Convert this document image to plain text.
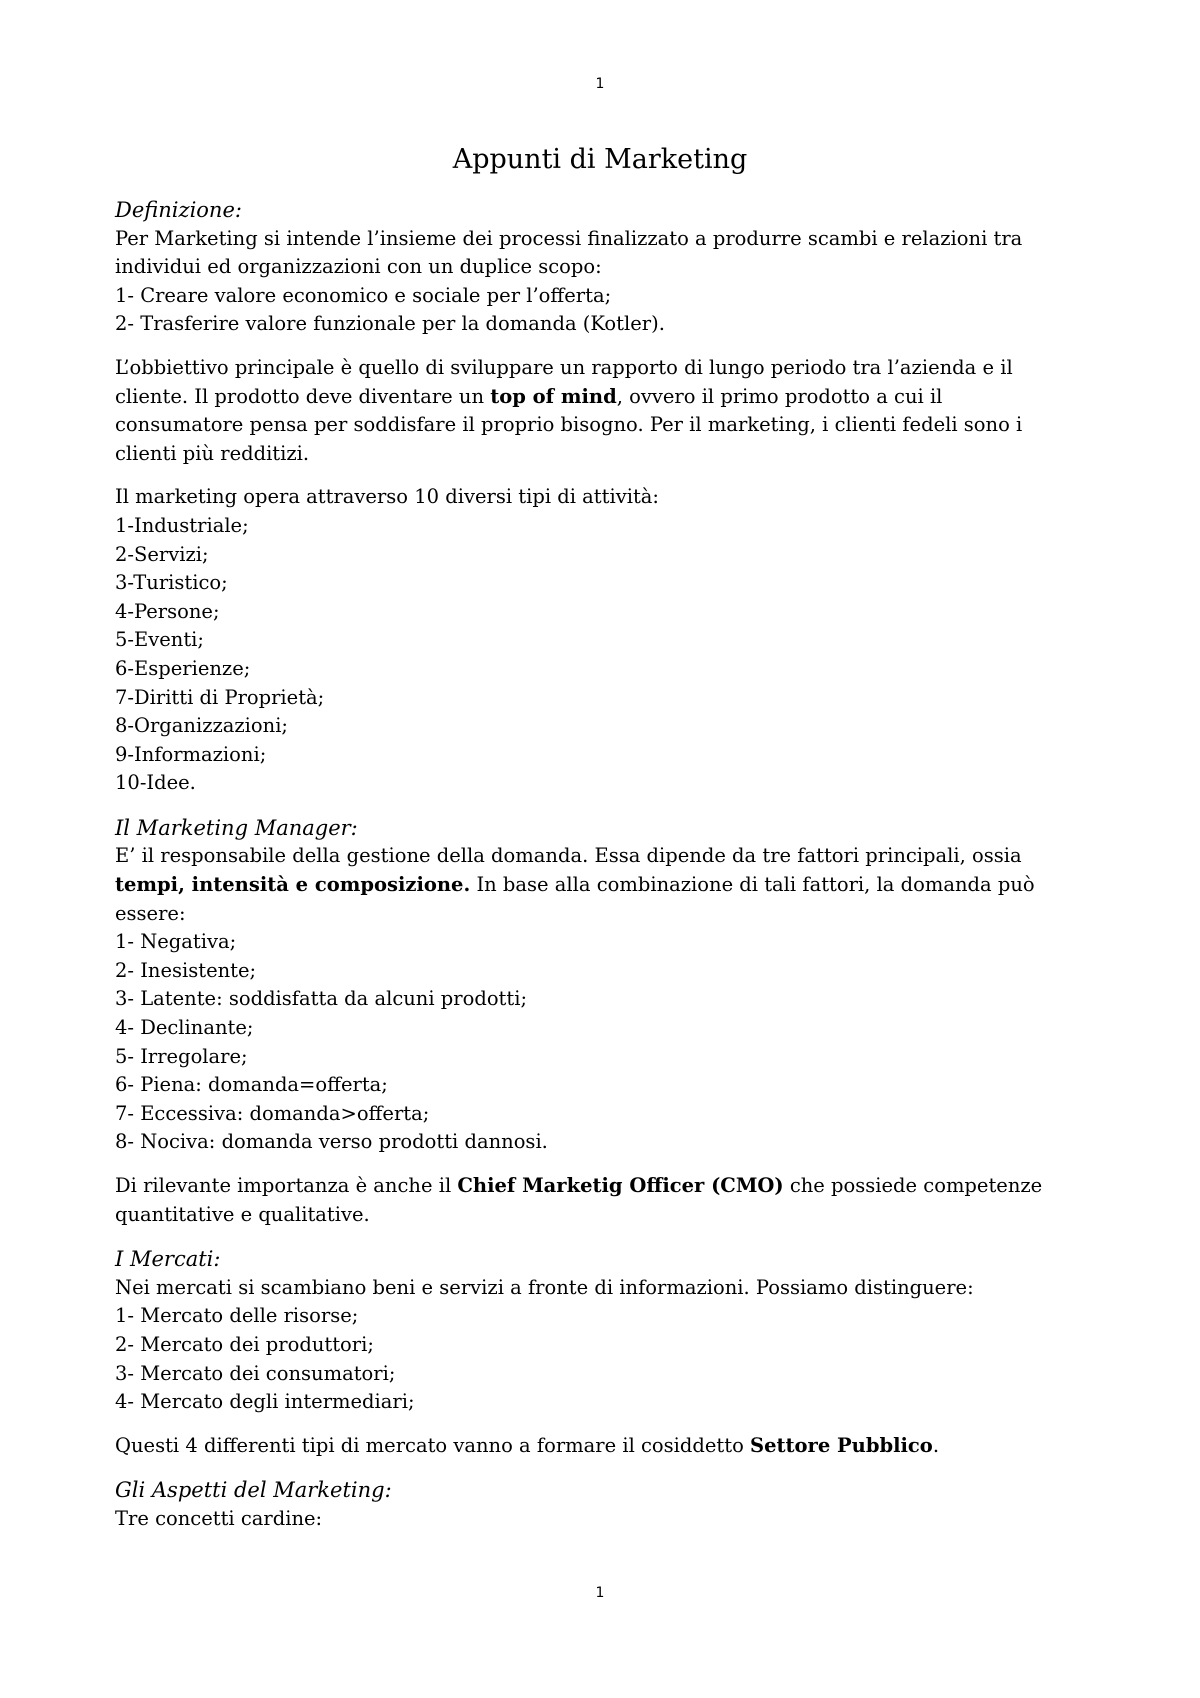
1
Appunti di Marketing
Definizione:
Per Marketing si intende l’insieme dei processi finalizzato a produrre scambi e relazioni tra
individui ed organizzazioni con un duplice scopo:
1- Creare valore economico e sociale per l’offerta;
2- Trasferire valore funzionale per la domanda (Kotler).
L’obbiettivo principale è quello di sviluppare un rapporto di lungo periodo tra l’azienda e il
cliente. Il prodotto deve diventare un top of mind, ovvero il primo prodotto a cui il
consumatore pensa per soddisfare il proprio bisogno. Per il marketing, i clienti fedeli sono i
clienti più redditizi.
Il marketing opera attraverso 10 diversi tipi di attività:
1-Industriale;
2-Servizi;
3-Turistico;
4-Persone;
5-Eventi;
6-Esperienze;
7-Diritti di Proprietà;
8-Organizzazioni;
9-Informazioni;
10-Idee.
Il Marketing Manager:
E’ il responsabile della gestione della domanda. Essa dipende da tre fattori principali, ossia
tempi, intensità e composizione. In base alla combinazione di tali fattori, la domanda può
essere:
1- Negativa;
2- Inesistente;
3- Latente: soddisfatta da alcuni prodotti;
4- Declinante;
5- Irregolare;
6- Piena: domanda=offerta;
7- Eccessiva: domanda>offerta;
8- Nociva: domanda verso prodotti dannosi.
Di rilevante importanza è anche il Chief Marketig Officer (CMO) che possiede competenze
quantitative e qualitative.
I Mercati:
Nei mercati si scambiano beni e servizi a fronte di informazioni. Possiamo distinguere:
1- Mercato delle risorse;
2- Mercato dei produttori;
3- Mercato dei consumatori;
4- Mercato degli intermediari;
Questi 4 differenti tipi di mercato vanno a formare il cosiddetto Settore Pubblico.
Gli Aspetti del Marketing:
Tre concetti cardine:
1
